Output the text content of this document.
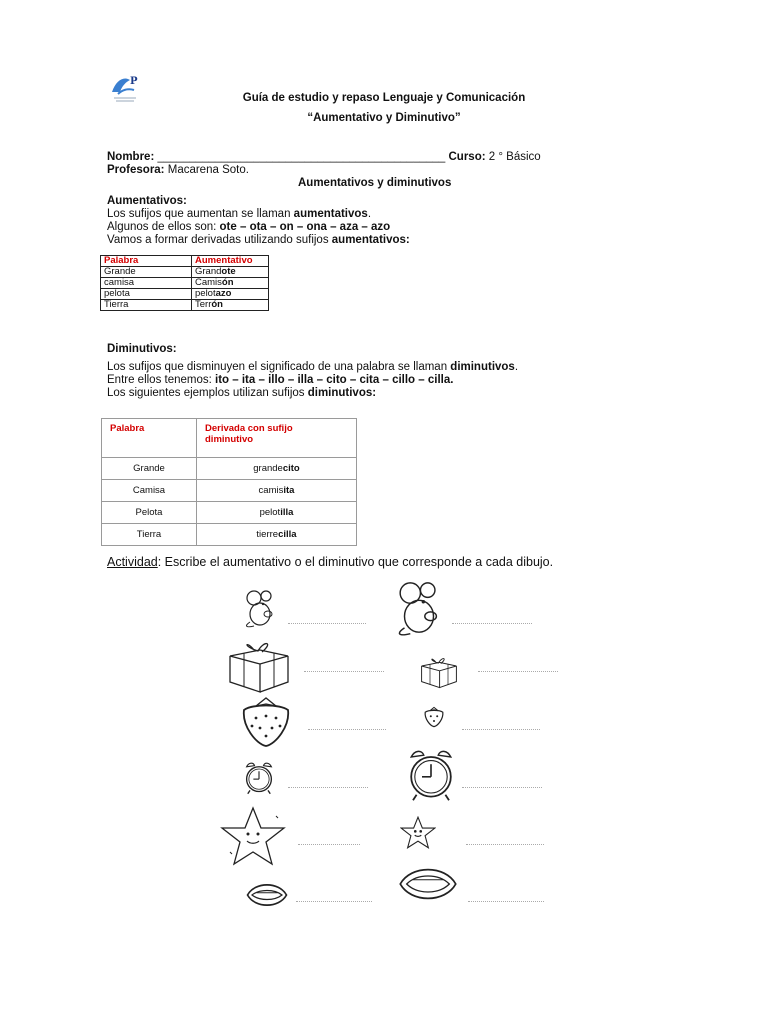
P
Guía de estudio y repaso Lenguaje y Comunicación
“Aumentativo y Diminutivo”
Nombre: _____________________________________________ Curso: 2 ° Básico
Profesora: Macarena Soto.
Aumentativos y diminutivos
Aumentativos:
Los sufijos que aumentan se llaman aumentativos.
Algunos de ellos son: ote – ota – on – ona – aza – azo
Vamos a formar derivadas utilizando sufijos aumentativos:
Palabra	Aumentativo
Grande	Grandote
camisa	Camisón
pelota	pelotazo
Tierra	Terrón
Diminutivos:
Los sufijos que disminuyen el significado de una palabra se llaman diminutivos.
Entre ellos tenemos: ito – ita – illo – illa – cito – cita – cillo – cilla.
Los siguientes ejemplos utilizan sufijos diminutivos:
Palabra	Derivada con sufijo
diminutivo
Grande	grandecito
Camisa	camisita
Pelota	pelotilla
Tierra	tierrecilla
Actividad: Escribe el aumentativo o el diminutivo que corresponde a cada dibujo.
